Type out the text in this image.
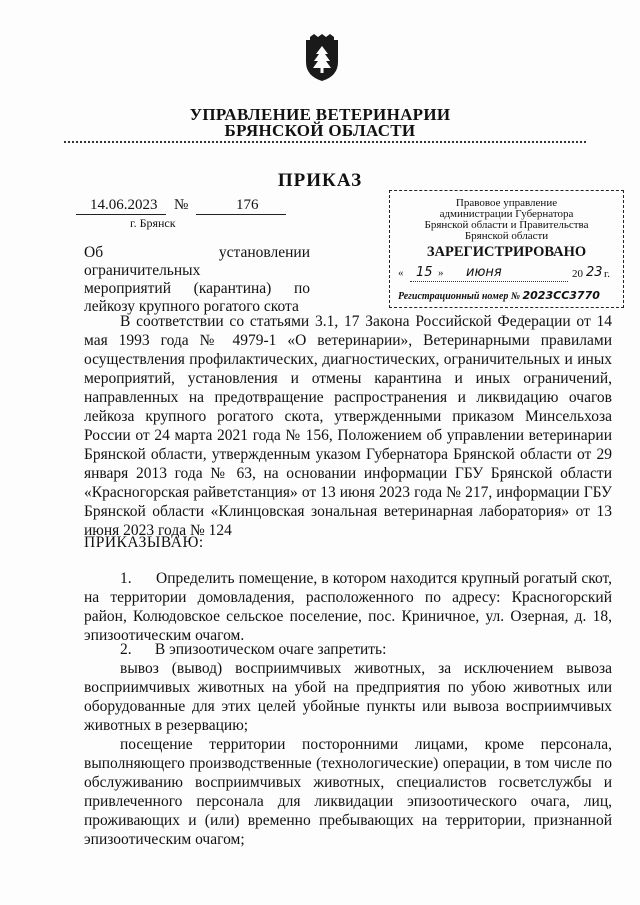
УПРАВЛЕНИЕ ВЕТЕРИНАРИИ
БРЯНСКОЙ ОБЛАСТИ
ПРИКАЗ
14.06.2023 №	176
г. Брянск
Правовое управление
администрации Губернатора
Брянской области и Правительства
Брянской области
ЗАРЕГИСТРИРОВАНО
« 15 » июня	20 23 г.
Регистрационный номер № 2023СС3770
Об установлении ограничительных
мероприятий (карантина) по
лейкозу крупного рогатого скота
В соответствии со статьями 3.1, 17 Закона Российской Федерации от 14 мая 1993 года № 4979-1 «О ветеринарии», Ветеринарными правилами осуществления профилактических, диагностических, ограничительных и иных мероприятий, установления и отмены карантина и иных ограничений, направленных на предотвращение распространения и ликвидацию очагов лейкоза крупного рогатого скота, утвержденными приказом Минсельхоза России от 24 марта 2021 года № 156, Положением об управлении ветеринарии Брянской области, утвержденным указом Губернатора Брянской области от 29 января 2013 года № 63, на основании информации ГБУ Брянской области «Красногорская райветстанция» от 13 июня 2023 года № 217, информации ГБУ Брянской области «Клинцовская зональная ветеринарная лаборатория» от 13 июня 2023 года № 124
ПРИКАЗЫВАЮ:
1.      Определить помещение, в котором находится крупный рогатый скот, на территории домовладения, расположенного по адресу: Красногорский район, Колюдовское сельское поселение, пос. Криничное, ул. Озерная, д. 18, эпизоотическим очагом.
2.      В эпизоотическом очаге запретить:
вывоз (вывод) восприимчивых животных, за исключением вывоза восприимчивых животных на убой на предприятия по убою животных или оборудованные для этих целей убойные пункты или вывоза восприимчивых животных в резервацию;
посещение территории посторонними лицами, кроме персонала, выполняющего производственные (технологические) операции, в том числе по обслуживанию восприимчивых животных, специалистов госветслужбы и привлеченного персонала для ликвидации эпизоотического очага, лиц, проживающих и (или) временно пребывающих на территории, признанной эпизоотическим очагом;
